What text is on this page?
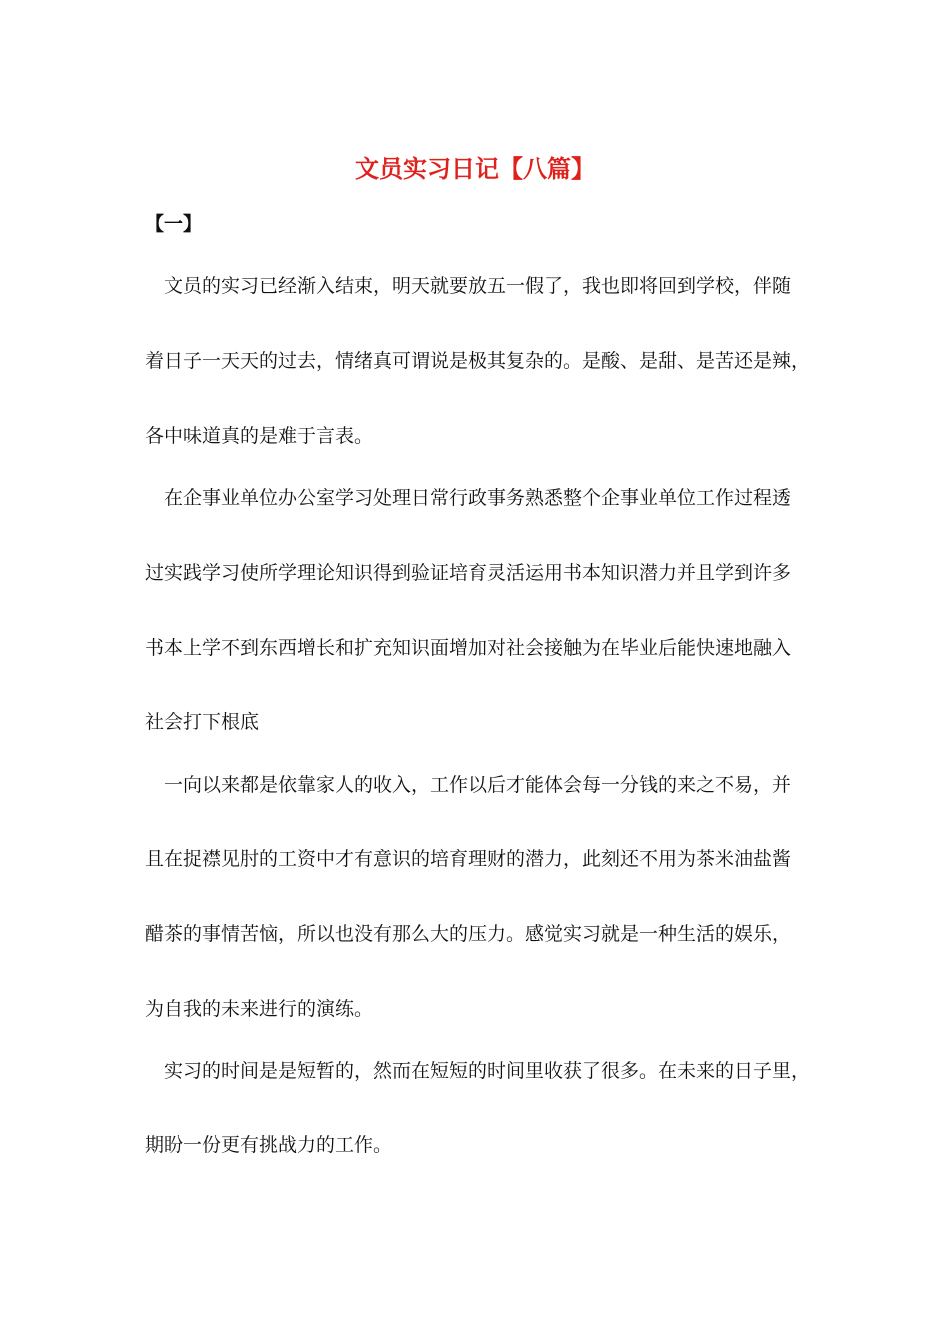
文员实习日记【八篇】
【一】

文员的实习已经渐入结束，明天就要放五一假了，我也即将回到学校，伴随

着日子一天天的过去，情绪真可谓说是极其复杂的。是酸、是甜、是苦还是辣，

各中味道真的是难于言表。

在企事业单位办公室学习处理日常行政事务熟悉整个企事业单位工作过程透

过实践学习使所学理论知识得到验证培育灵活运用书本知识潜力并且学到许多

书本上学不到东西增长和扩充知识面增加对社会接触为在毕业后能快速地融入

社会打下根底

一向以来都是依靠家人的收入，工作以后才能体会每一分钱的来之不易，并

且在捉襟见肘的工资中才有意识的培育理财的潜力，此刻还不用为茶米油盐酱

醋茶的事情苦恼，所以也没有那么大的压力。感觉实习就是一种生活的娱乐，

为自我的未来进行的演练。

实习的时间是是短暂的，然而在短短的时间里收获了很多。在未来的日子里，

期盼一份更有挑战力的工作。
